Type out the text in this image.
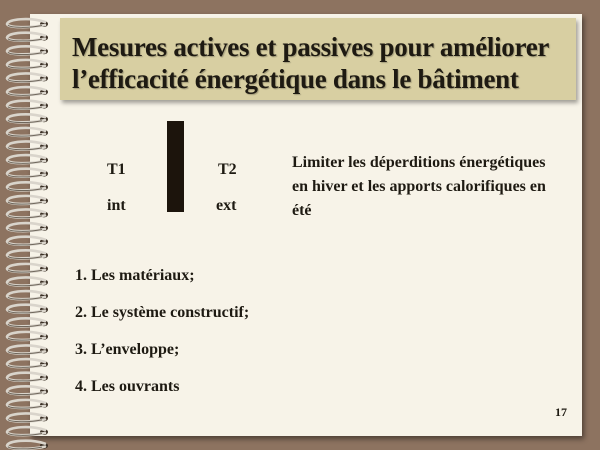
Mesures actives et passives pour améliorer l’efficacité énergétique dans le bâtiment
T1
int
T2
ext
Limiter les déperditions énergétiques en hiver et les apports calorifiques en été
1. Les matériaux;
2. Le système constructif;
3. L’enveloppe;
4. Les ouvrants
17
